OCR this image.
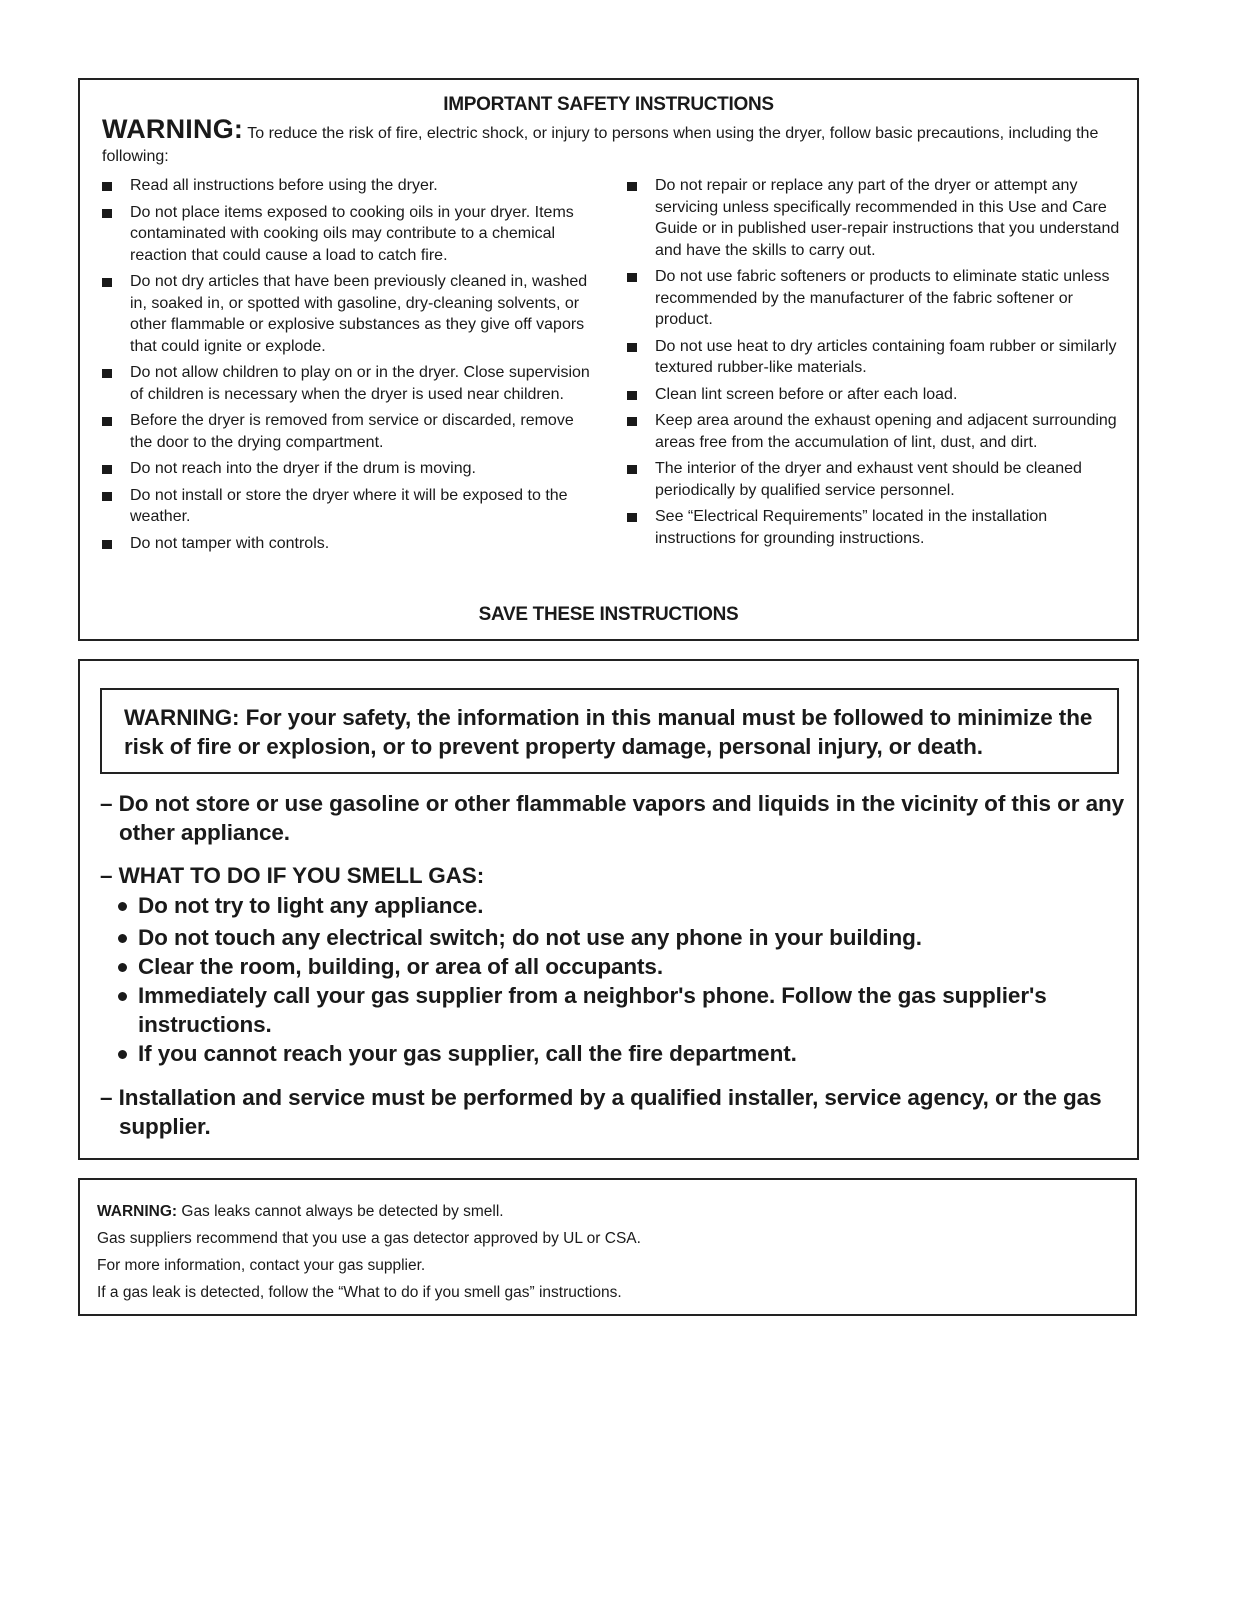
IMPORTANT SAFETY INSTRUCTIONS
WARNING: To reduce the risk of fire, electric shock, or injury to persons when using the dryer, follow basic precautions, including the following:
Read all instructions before using the dryer.
Do not place items exposed to cooking oils in your dryer. Items contaminated with cooking oils may contribute to a chemical reaction that could cause a load to catch fire.
Do not dry articles that have been previously cleaned in, washed in, soaked in, or spotted with gasoline, dry-cleaning solvents, or other flammable or explosive substances as they give off vapors that could ignite or explode.
Do not allow children to play on or in the dryer. Close supervision of children is necessary when the dryer is used near children.
Before the dryer is removed from service or discarded, remove the door to the drying compartment.
Do not reach into the dryer if the drum is moving.
Do not install or store the dryer where it will be exposed to the weather.
Do not tamper with controls.
Do not repair or replace any part of the dryer or attempt any servicing unless specifically recommended in this Use and Care Guide or in published user-repair instructions that you understand and have the skills to carry out.
Do not use fabric softeners or products to eliminate static unless recommended by the manufacturer of the fabric softener or product.
Do not use heat to dry articles containing foam rubber or similarly textured rubber-like materials.
Clean lint screen before or after each load.
Keep area around the exhaust opening and adjacent surrounding areas free from the accumulation of lint, dust, and dirt.
The interior of the dryer and exhaust vent should be cleaned periodically by qualified service personnel.
See “Electrical Requirements” located in the installation instructions for grounding instructions.
SAVE THESE INSTRUCTIONS
WARNING: For your safety, the information in this manual must be followed to minimize the risk of fire or explosion, or to prevent property damage, personal injury, or death.
– Do not store or use gasoline or other flammable vapors and liquids in the vicinity of this or any other appliance.
– WHAT TO DO IF YOU SMELL GAS:
Do not try to light any appliance.
Do not touch any electrical switch; do not use any phone in your building.
Clear the room, building, or area of all occupants.
Immediately call your gas supplier from a neighbor's phone. Follow the gas supplier's instructions.
If you cannot reach your gas supplier, call the fire department.
– Installation and service must be performed by a qualified installer, service agency, or the gas supplier.
WARNING: Gas leaks cannot always be detected by smell.
Gas suppliers recommend that you use a gas detector approved by UL or CSA.
For more information, contact your gas supplier.
If a gas leak is detected, follow the “What to do if you smell gas” instructions.
